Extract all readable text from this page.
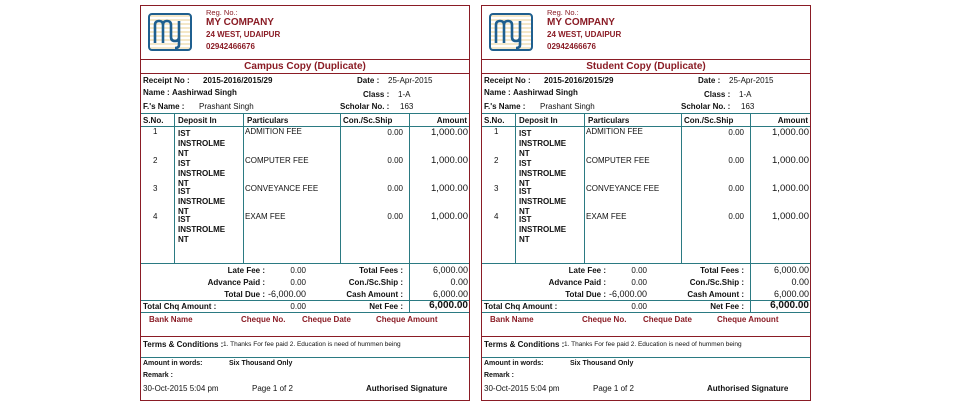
Reg. No.:
MY COMPANY
24 WEST, UDAIPUR
02942466676
Campus Copy (Duplicate)
Receipt No : 2015-2016/2015/29	Date : 25-Apr-2015
Name : Aashirwad Singh	Class : 1-A
F.'s Name : Prashant Singh	Scholar No. : 163
S.No. Deposit In	Particulars	Con./Sc.Ship	Amount
1	IST
INSTROLME
NT
ADMITION FEE	0.00	1,000.00
2	IST
INSTROLME
NT
COMPUTER FEE	0.00	1,000.00
3	IST
INSTROLME
NT
CONVEYANCE FEE	0.00	1,000.00
4	IST
INSTROLME
NT
EXAM FEE	0.00	1,000.00
Late Fee :	0.00
Advance Paid :	0.00
Total Due : -6,000.00
Total Fees :	6,000.00
Con./Sc.Ship :	0.00
Cash Amount :	6,000.00
Total Chq Amount :	0.00	Net Fee :	6,000.00
Bank Name	Cheque No. Cheque Date	Cheque Amount
Terms & Conditions : 1. Thanks For fee paid 2. Education is need of hummen being
Amount in words:	Six Thousand Only
Remark :
30-Oct-2015 5:04 pm	Page 1 of 2	Authorised Signature
Reg. No.:
MY COMPANY
24 WEST, UDAIPUR
02942466676
Student Copy (Duplicate)
Receipt No : 2015-2016/2015/29	Date : 25-Apr-2015
Name : Aashirwad Singh	Class : 1-A
F.'s Name : Prashant Singh	Scholar No. : 163
S.No. Deposit In	Particulars	Con./Sc.Ship	Amount
1	IST
INSTROLME
NT
ADMITION FEE	0.00	1,000.00
2	IST
INSTROLME
NT
COMPUTER FEE	0.00	1,000.00
3	IST
INSTROLME
NT
CONVEYANCE FEE	0.00	1,000.00
4	IST
INSTROLME
NT
EXAM FEE	0.00	1,000.00
Late Fee :	0.00
Advance Paid :	0.00
Total Due : -6,000.00
Total Fees :	6,000.00
Con./Sc.Ship :	0.00
Cash Amount :	6,000.00
Total Chq Amount :	0.00	Net Fee :	6,000.00
Bank Name	Cheque No. Cheque Date	Cheque Amount
Terms & Conditions : 1. Thanks For fee paid 2. Education is need of hummen being
Amount in words:	Six Thousand Only
Remark :
30-Oct-2015 5:04 pm	Page 1 of 2	Authorised Signature
